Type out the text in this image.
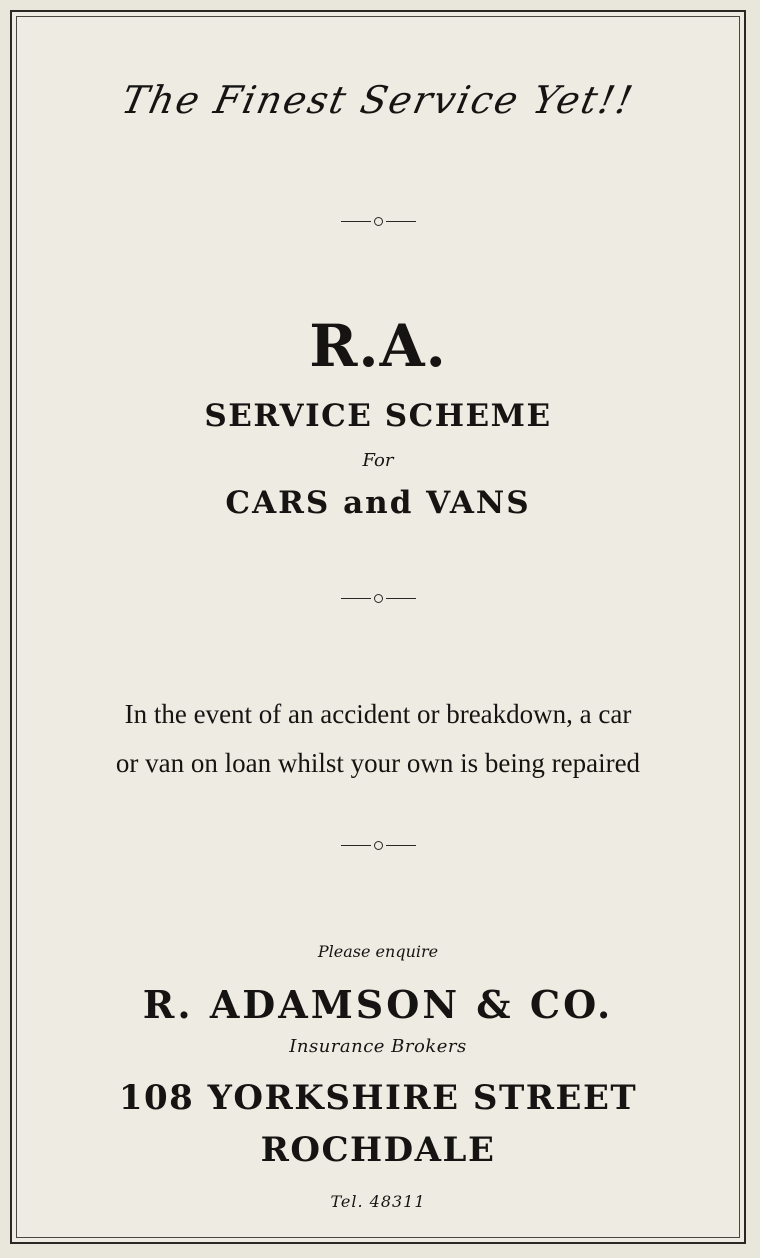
The Finest Service Yet!!
R.A.
SERVICE SCHEME
For
CARS and VANS
In the event of an accident or breakdown, a car
or van on loan whilst your own is being repaired
Please enquire
R. ADAMSON & CO.
Insurance Brokers
108 YORKSHIRE STREET
ROCHDALE
Tel. 48311
